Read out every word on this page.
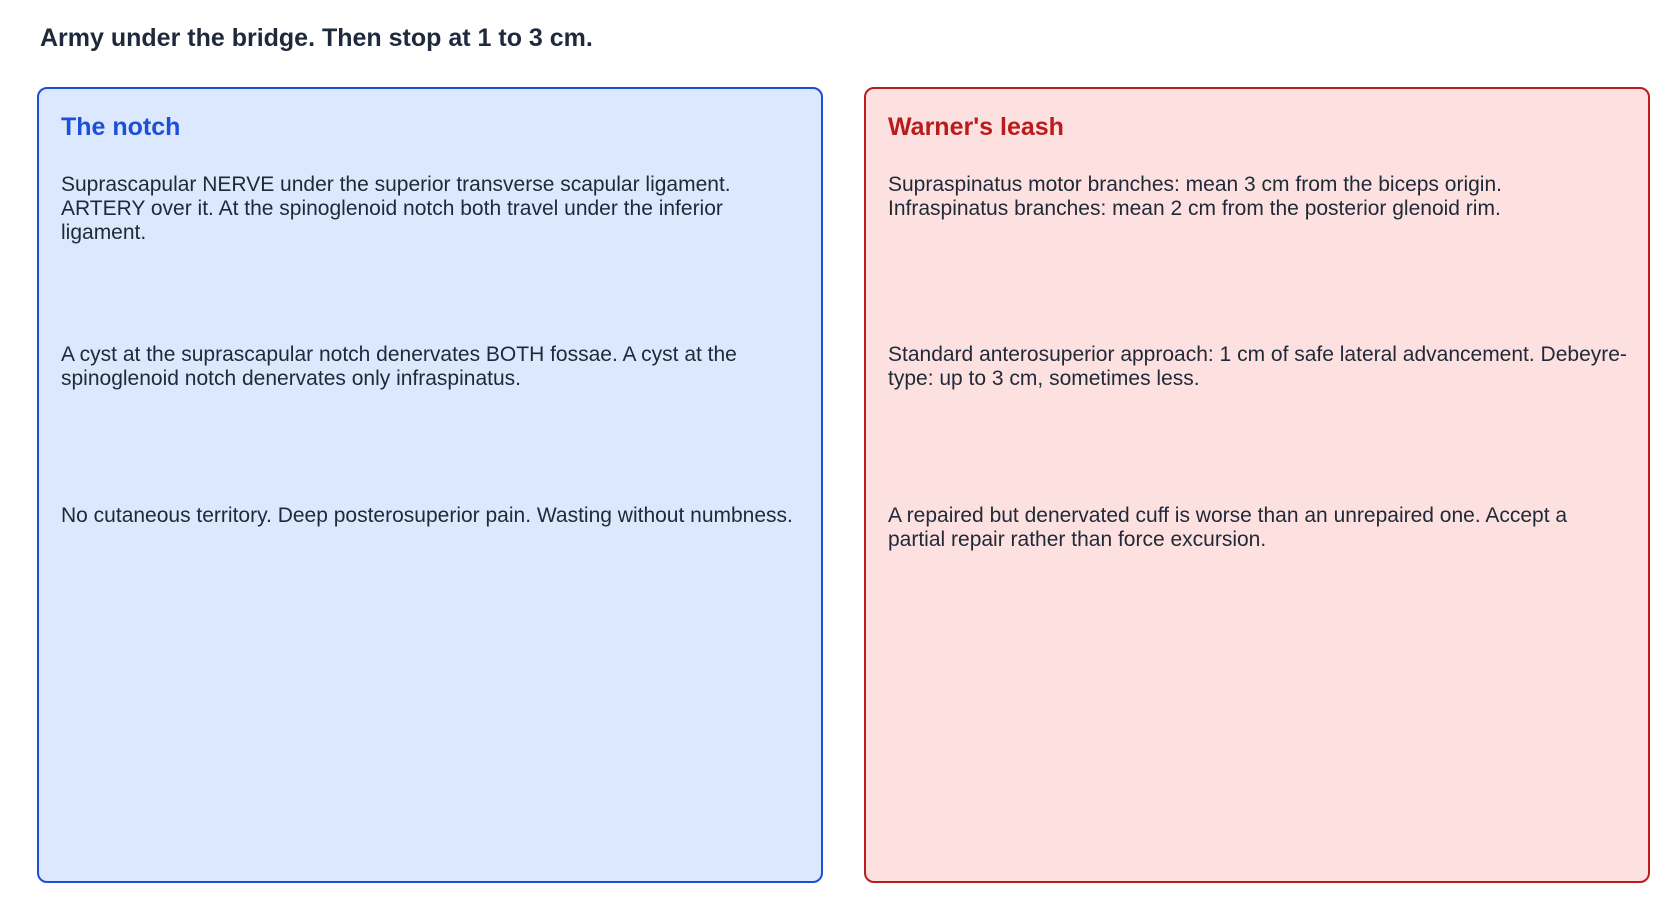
Army under the bridge. Then stop at 1 to 3 cm.
The notch

Suprascapular NERVE under the superior transverse scapular ligament. ARTERY over it. At the spinoglenoid notch both travel under the inferior ligament.

A cyst at the suprascapular notch denervates BOTH fossae. A cyst at the spinoglenoid notch denervates only infraspinatus.

No cutaneous territory. Deep posterosuperior pain. Wasting without numbness.

Warner's leash

Supraspinatus motor branches: mean 3 cm from the biceps origin. Infraspinatus branches: mean 2 cm from the posterior glenoid rim.

Standard anterosuperior approach: 1 cm of safe lateral advancement. Debeyre-type: up to 3 cm, sometimes less.

A repaired but denervated cuff is worse than an unrepaired one. Accept a partial repair rather than force excursion.
